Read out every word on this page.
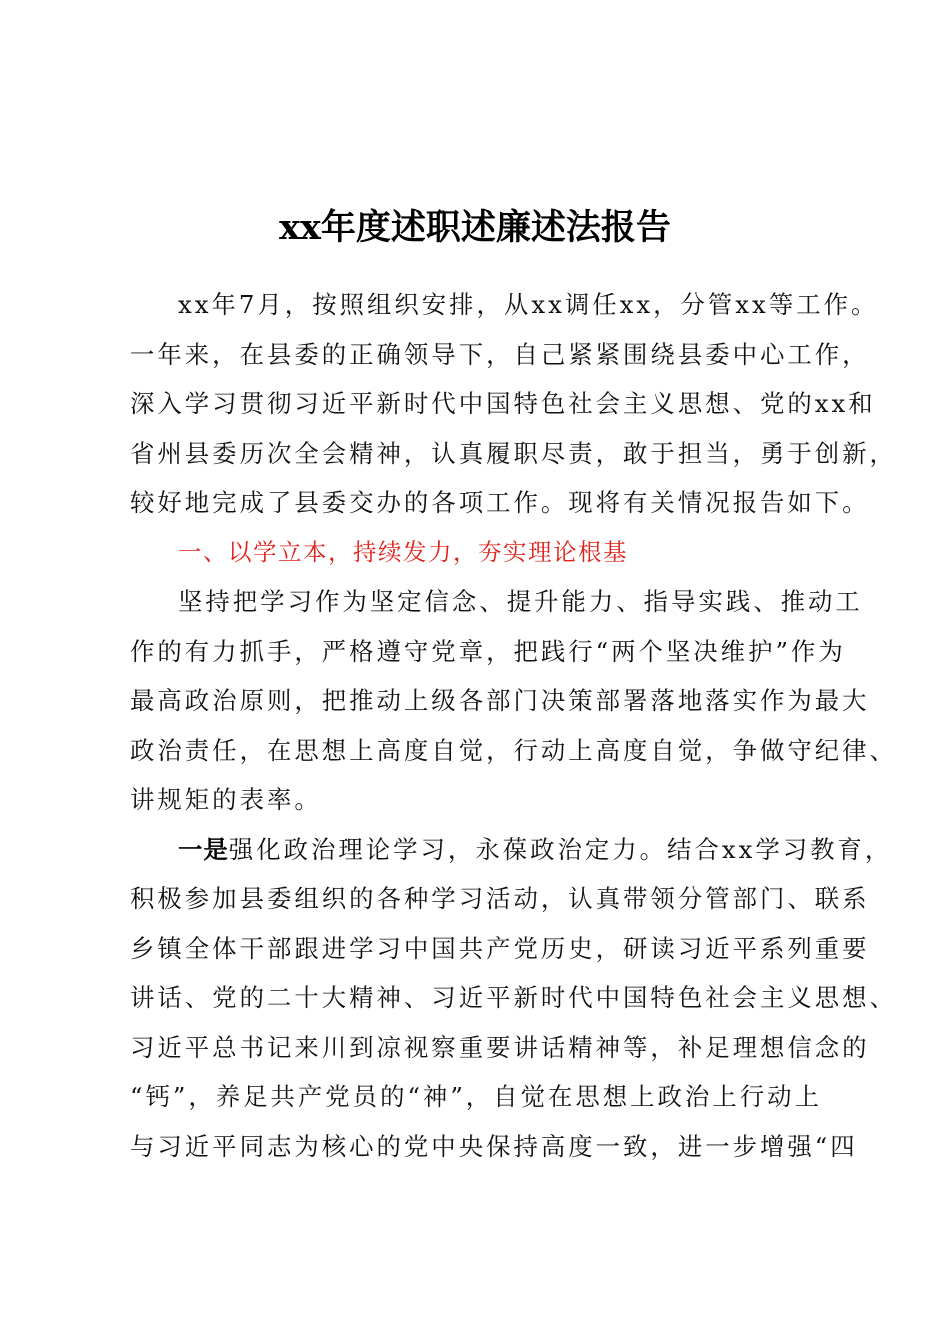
xx年度述职述廉述法报告
xx年7月，按照组织安排，从xx调任xx，分管xx等工作。
一年来，在县委的正确领导下，自己紧紧围绕县委中心工作，
深入学习贯彻习近平新时代中国特色社会主义思想、党的xx和
省州县委历次全会精神，认真履职尽责，敢于担当，勇于创新，
较好地完成了县委交办的各项工作。现将有关情况报告如下。
一、以学立本，持续发力，夯实理论根基
坚持把学习作为坚定信念、提升能力、指导实践、推动工
作的有力抓手，严格遵守党章，把践行“两个坚决维护”作为
最高政治原则，把推动上级各部门决策部署落地落实作为最大
政治责任，在思想上高度自觉，行动上高度自觉，争做守纪律、
讲规矩的表率。
一是强化政治理论学习，永葆政治定力。结合xx学习教育，
积极参加县委组织的各种学习活动，认真带领分管部门、联系
乡镇全体干部跟进学习中国共产党历史，研读习近平系列重要
讲话、党的二十大精神、习近平新时代中国特色社会主义思想、
习近平总书记来川到凉视察重要讲话精神等，补足理想信念的
“钙”，养足共产党员的“神”，自觉在思想上政治上行动上
与习近平同志为核心的党中央保持高度一致，进一步增强“四
